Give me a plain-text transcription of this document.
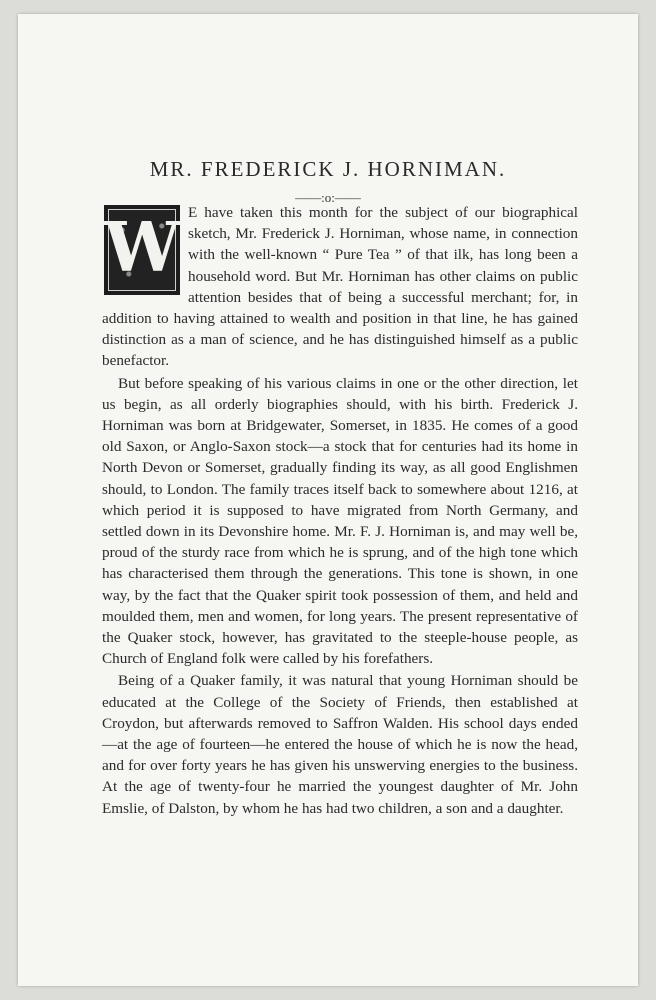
MR. FREDERICK J. HORNIMAN.
——:o:——
W E have taken this month for the subject of our biographical sketch, Mr. Frederick J. Horniman, whose name, in connection with the well-known “ Pure Tea ” of that ilk, has long been a household word. But Mr. Horniman has other claims on public attention besides that of being a successful merchant; for, in addition to having attained to wealth and position in that line, he has gained distinction as a man of science, and he has distinguished himself as a public benefactor.

But before speaking of his various claims in one or the other direction, let us begin, as all orderly biographies should, with his birth. Frederick J. Horniman was born at Bridgewater, Somerset, in 1835. He comes of a good old Saxon, or Anglo-Saxon stock—a stock that for centuries had its home in North Devon or Somerset, gradually finding its way, as all good Englishmen should, to London. The family traces itself back to somewhere about 1216, at which period it is supposed to have migrated from North Germany, and settled down in its Devonshire home. Mr. F. J. Horniman is, and may well be, proud of the sturdy race from which he is sprung, and of the high tone which has characterised them through the generations. This tone is shown, in one way, by the fact that the Quaker spirit took possession of them, and held and moulded them, men and women, for long years. The present representative of the Quaker stock, however, has gravitated to the steeple-house people, as Church of England folk were called by his forefathers.

Being of a Quaker family, it was natural that young Horniman should be educated at the College of the Society of Friends, then established at Croydon, but afterwards removed to Saffron Walden. His school days ended—at the age of fourteen—he entered the house of which he is now the head, and for over forty years he has given his unswerving energies to the business. At the age of twenty-four he married the youngest daughter of Mr. John Emslie, of Dalston, by whom he has had two children, a son and a daughter.
